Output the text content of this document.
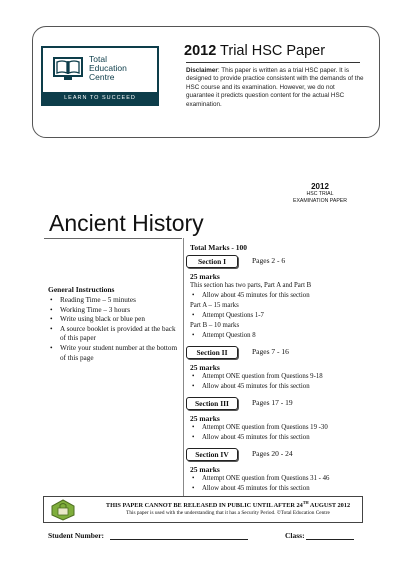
Total
Education
Centre
LEARN TO SUCCEED
2012 Trial HSC Paper
Disclaimer: This paper is written as a trial HSC paper. It is designed to provide practice consistent with the demands of the HSC course and its examination. However, we do not guarantee it predicts question content for the actual HSC examination.
2012
HSC TRIAL
EXAMINATION PAPER
Ancient History
General Instructions
• Reading Time – 5 minutes
• Working Time – 3 hours
• Write using black or blue pen
• A source booklet is provided at the back of this paper
• Write your student number at the bottom of this page
Total Marks - 100
Section I	Pages 2 - 6
25 marks
This section has two parts, Part A and Part B
• Allow about 45 minutes for this section
Part A – 15 marks
• Attempt Questions 1-7
Part B – 10 marks
• Attempt Question 8
Section II	Pages 7 - 16
25 marks
• Attempt ONE question from Questions 9-18
• Allow about 45 minutes for this section
Section III	Pages 17 - 19
25 marks
• Attempt ONE question from Questions 19 -30
• Allow about 45 minutes for this section
Section IV	Pages 20 - 24
25 marks
• Attempt ONE question from Questions 31 - 46
• Allow about 45 minutes for this section
THIS PAPER CANNOT BE RELEASED IN PUBLIC UNTIL AFTER 24TH AUGUST 2012
This paper is used with the understanding that it has a Security Period. ©Total Education Centre
Student Number:	Class:
